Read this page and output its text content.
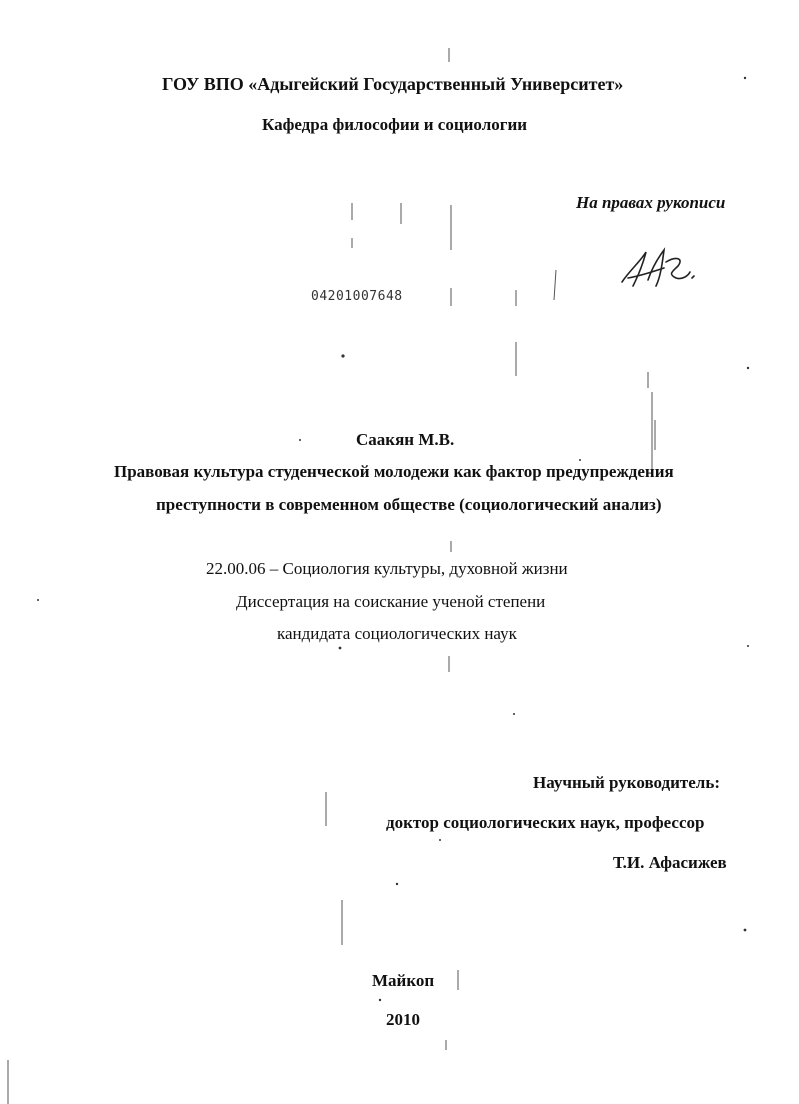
ГОУ ВПО «Адыгейский Государственный Университет»
Кафедра философии и социологии
На правах рукописи
04201007648
Саакян М.В.
Правовая культура студенческой молодежи как фактор предупреждения
преступности в современном обществе (социологический анализ)
22.00.06 – Социология культуры, духовной жизни
Диссертация на соискание ученой степени
кандидата социологических наук
Научный руководитель:
доктор социологических наук, профессор
Т.И. Афасижев
Майкоп
2010
